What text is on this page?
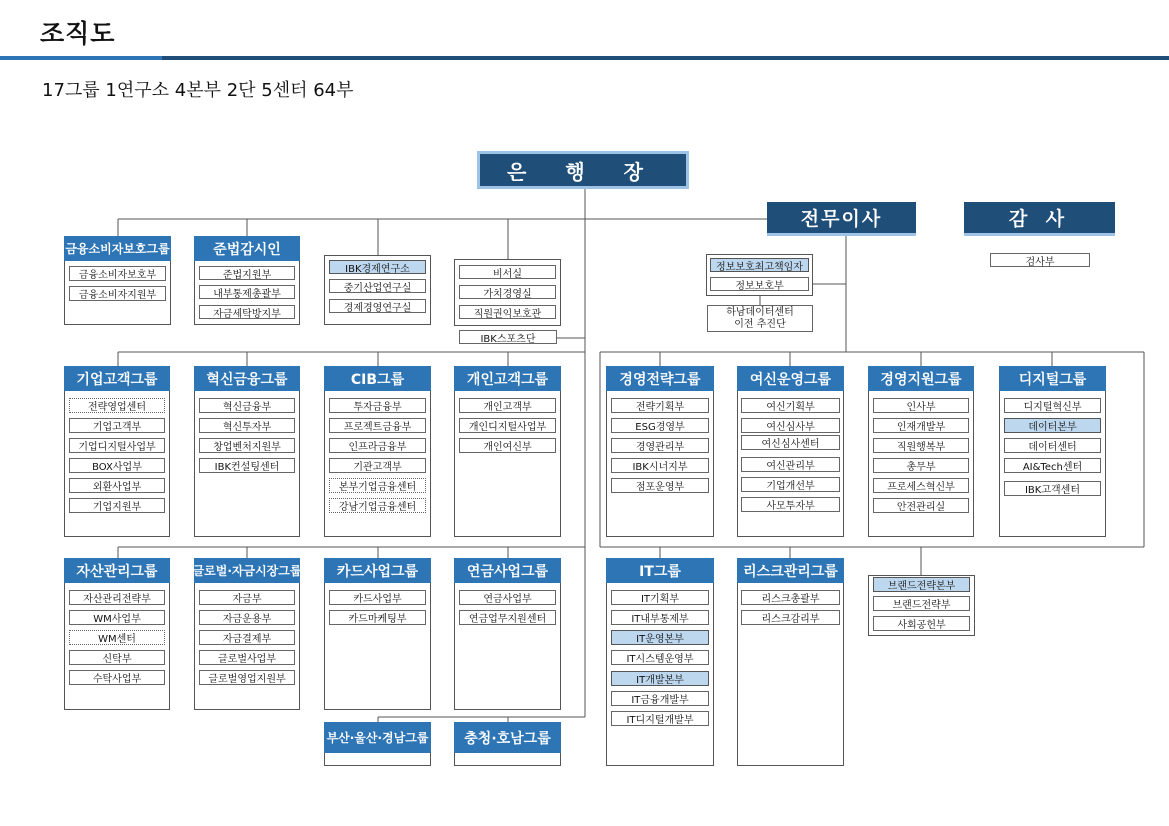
조직도
17그룹 1연구소 4본부 2단 5센터 64부
은 행 장
전무이사	감 사
검사부
금융소비자보호그룹
금융소비자보호부
금융소비자지원부
준법감시인
준법지원부
내부통제총괄부
자금세탁방지부
IBK경제연구소
중기산업연구실
경제경영연구실
비서실
가치경영실
직원권익보호관
IBK스포츠단
정보보호최고책임자
정보보호부
하남데이터센터
이전 추진단
기업고객그룹
전략영업센터
기업고객부
기업디지털사업부
BOX사업부
외환사업부
기업지원부
혁신금융그룹
혁신금융부
혁신투자부
창업벤처지원부
IBK컨설팅센터
CIB그룹
투자금융부
프로젝트금융부
인프라금융부
기관고객부
본부기업금융센터
강남기업금융센터
개인고객그룹
개인고객부
개인디지털사업부
개인여신부
경영전략그룹
전략기획부
ESG경영부
경영관리부
IBK시너지부
점포운영부
여신운영그룹
여신기획부
여신심사부
여신심사센터
여신관리부
기업개선부
사모투자부
경영지원그룹
인사부
인재개발부
직원행복부
총무부
프로세스혁신부
안전관리실
디지털그룹
디지털혁신부
데이터본부
데이터센터
AI&Tech센터
IBK고객센터
자산관리그룹
자산관리전략부
WM사업부
WM센터
신탁부
수탁사업부
글로벌·자금시장그룹
자금부
자금운용부
자금결제부
글로벌사업부
글로벌영업지원부
카드사업그룹
카드사업부
카드마케팅부
연금사업그룹
연금사업부
연금업무지원센터
IT그룹
IT기획부
IT내부통제부
IT운영본부
IT시스템운영부
IT개발본부
IT금융개발부
IT디지털개발부
리스크관리그룹
리스크총괄부
리스크감리부
브랜드전략본부
브랜드전략부
사회공헌부
부산·울산·경남그룹	충청·호남그룹
